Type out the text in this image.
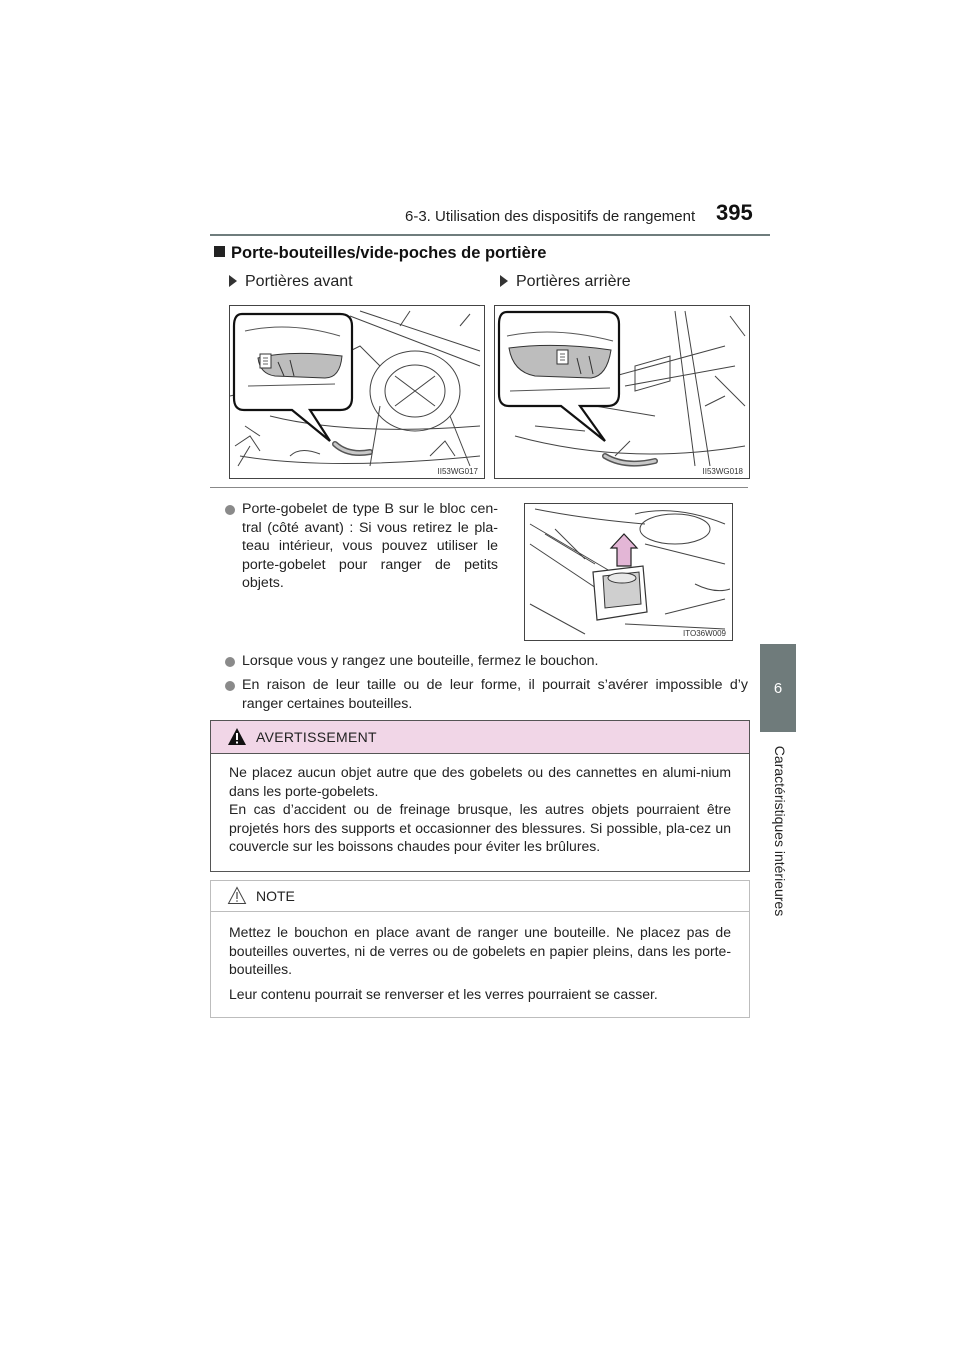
6-3. Utilisation des dispositifs de rangement 395
6
Caractéristiques intérieures
Porte-bouteilles/vide-poches de portière
Portières avant	Portières arrière
II53WG017	II53WG018
Porte-gobelet de type B sur le bloc cen-tral (côté avant) : Si vous retirez le pla-teau intérieur, vous pouvez utiliser le porte-gobelet pour ranger de petits objets.
ITO36W009
Lorsque vous y rangez une bouteille, fermez le bouchon.
En raison de leur taille ou de leur forme, il pourrait s’avérer impossible d’y ranger certaines bouteilles.
AVERTISSEMENT
Ne placez aucun objet autre que des gobelets ou des cannettes en alumi-nium dans les porte-gobelets.
En cas d’accident ou de freinage brusque, les autres objets pourraient être projetés hors des supports et occasionner des blessures. Si possible, pla-cez un couvercle sur les boissons chaudes pour éviter les brûlures.
NOTE

Mettez le bouchon en place avant de ranger une bouteille. Ne placez pas de bouteilles ouvertes, ni de verres ou de gobelets en papier pleins, dans les porte-bouteilles.

Leur contenu pourrait se renverser et les verres pourraient se casser.
